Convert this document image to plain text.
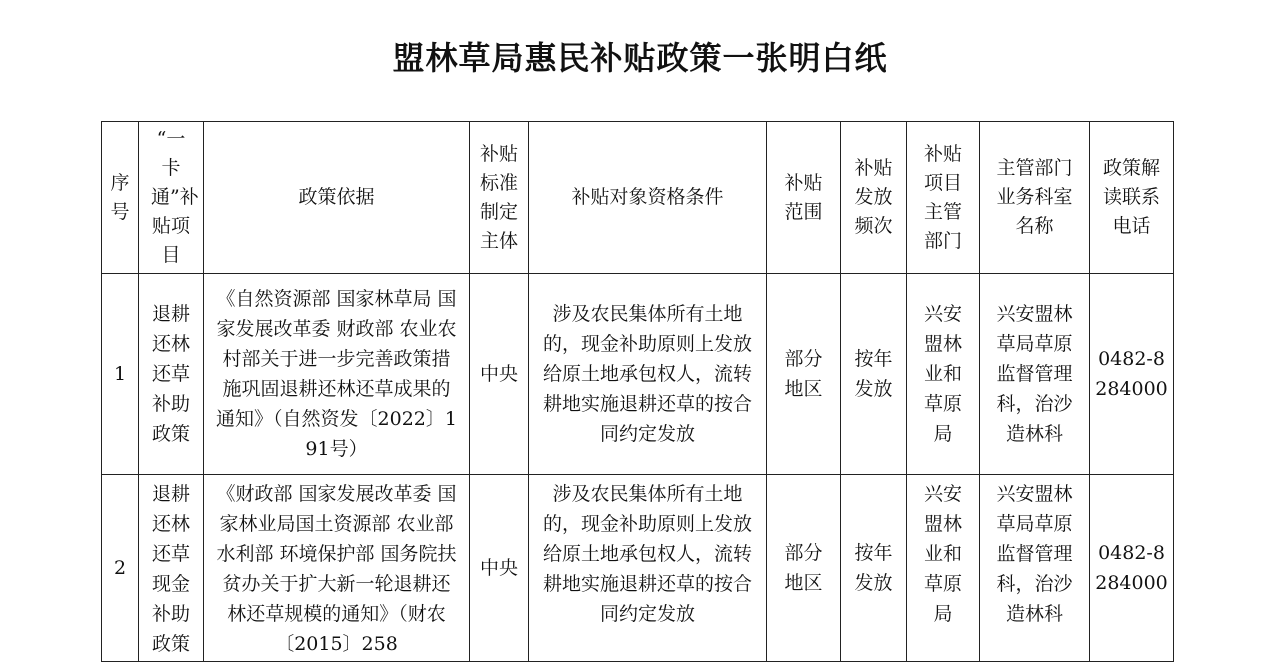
盟林草局惠民补贴政策一张明白纸
序号	“一卡通”补贴项目	政策依据	补贴标准制定主体	补贴对象资格条件	补贴范围	补贴发放频次	补贴项目主管部门	主管部门业务科室名称	政策解读联系电话

1	退耕还林还草补助政策	《自然资源部 国家林草局 国家发展改革委 财政部 农业农村部关于进一步完善政策措施巩固退耕还林还草成果的通知》（自然资发〔2022〕191号）	中央	涉及农民集体所有土地的，现金补助原则上发放给原土地承包权人，流转耕地实施退耕还草的按合同约定发放	部分地区	按年发放	兴安盟林业和草原局	兴安盟林草局草原监督管理科，治沙造林科	0482-8284000

2	退耕还林还草现金补助政策	《财政部 国家发展改革委 国家林业局国土资源部 农业部 水利部 环境保护部 国务院扶贫办关于扩大新一轮退耕还林还草规模的通知》（财农〔2015〕258	中央	涉及农民集体所有土地的，现金补助原则上发放给原土地承包权人，流转耕地实施退耕还草的按合同约定发放	部分地区	按年发放	兴安盟林业和草原局	兴安盟林草局草原监督管理科，治沙造林科	0482-8284000
